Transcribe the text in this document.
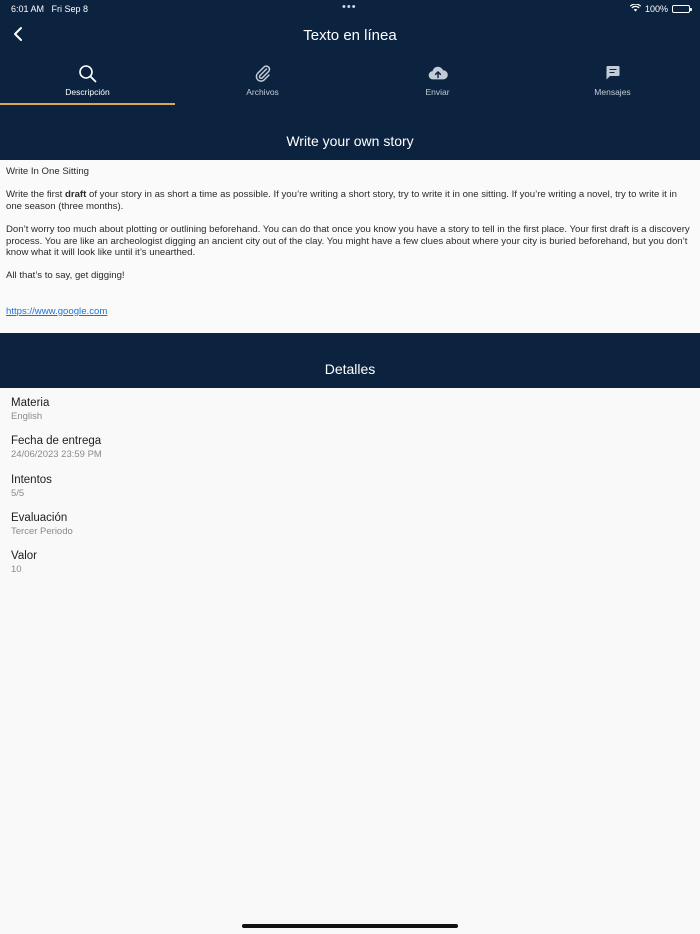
6:01 AM Fri Sep 8	•••	100%
Texto en línea
Descripción	Archivos	Enviar	Mensajes
Write your own story

Write In One Sitting

Write the first draft of your story in as short a time as possible. If you’re writing a short story, try to write it in one sitting. If you’re writing a novel, try to write it in one season (three months).

Don’t worry too much about plotting or outlining beforehand. You can do that once you know you have a story to tell in the first place. Your first draft is a discovery process. You are like an archeologist digging an ancient city out of the clay. You might have a few clues about where your city is buried beforehand, but you don’t know what it will look like until it’s unearthed.

All that’s to say, get digging!

https://www.google.com
Detalles
Materia
English
Fecha de entrega
24/06/2023 23:59 PM
Intentos
5/5
Evaluación
Tercer Periodo
Valor
10
